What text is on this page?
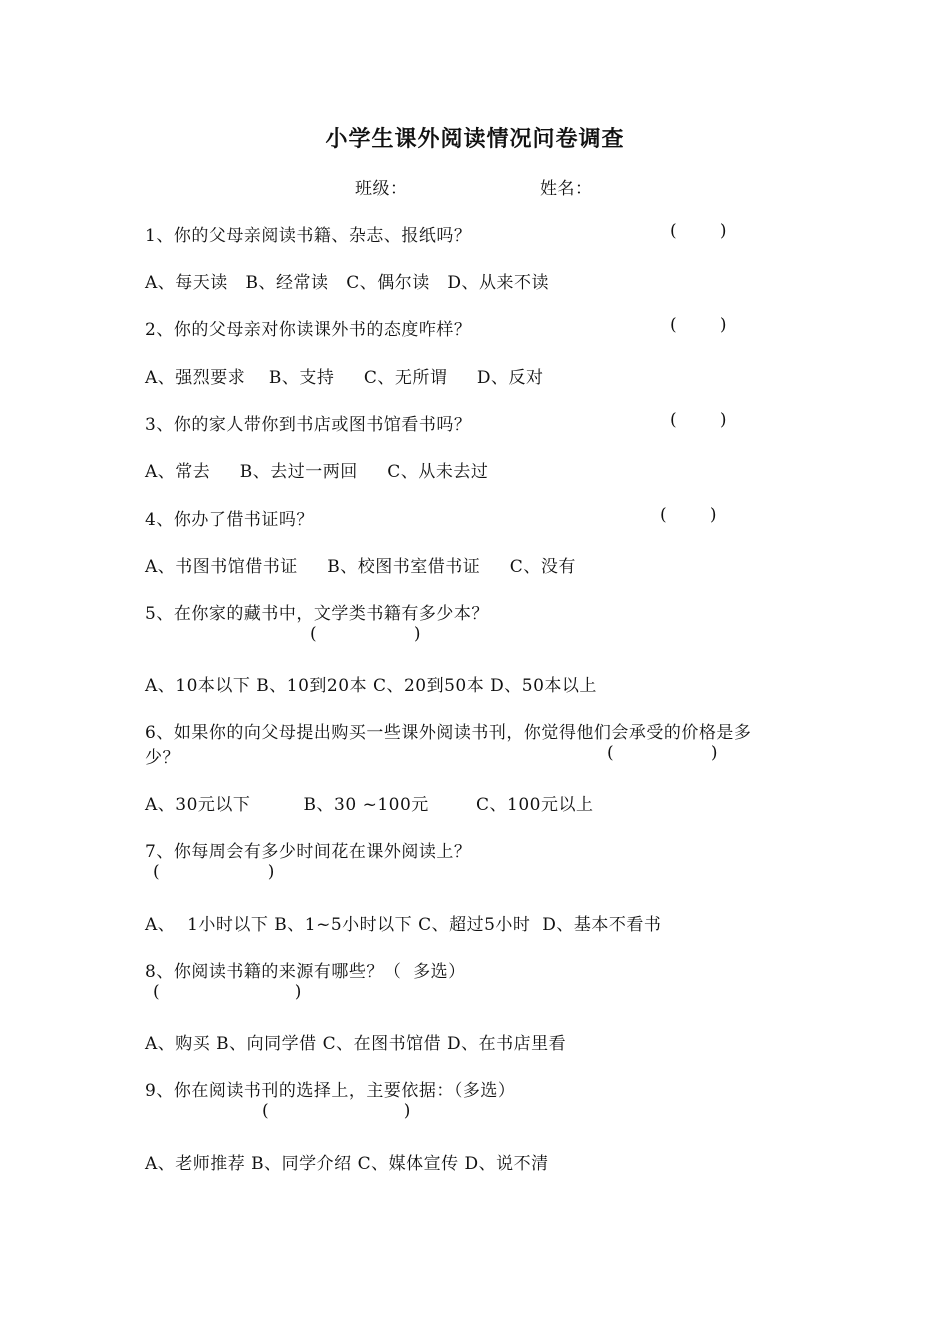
小学生课外阅读情况问卷调查
班级：	姓名：
1、你的父母亲阅读书籍、杂志、报纸吗？	(        )
A、每天读   B、经常读   C、偶尔读   D、从来不读
2、你的父母亲对你读课外书的态度咋样？	(        )
A、强烈要求    B、支持     C、无所谓     D、反对
3、你的家人带你到书店或图书馆看书吗？	(        )
A、常去     B、去过一两回     C、从未去过
4、你办了借书证吗？	(        )
A、书图书馆借书证     B、校图书室借书证     C、没有
5、在你家的藏书中，文学类书籍有多少本？
(                  )
A、10本以下 B、10到20本 C、20到50本 D、50本以上
6、如果你的向父母提出购买一些课外阅读书刊，你觉得他们会承受的价格是多
少？	(                  )
A、30元以下         B、30 ~100元        C、100元以上
7、你每周会有多少时间花在课外阅读上？
(                    )
A、  1小时以下 B、1~5小时以下 C、超过5小时  D、基本不看书
8、你阅读书籍的来源有哪些？（  多选）
(                         )
A、购买 B、向同学借 C、在图书馆借 D、在书店里看
9、你在阅读书刊的选择上，主要依据：（多选）
(                         )
A、老师推荐 B、同学介绍 C、媒体宣传 D、说不清
